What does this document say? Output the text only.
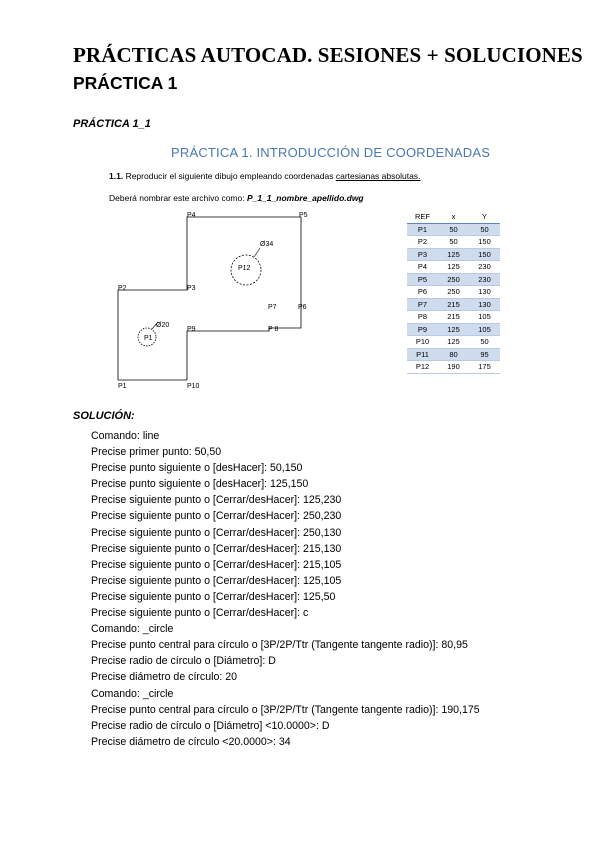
PRÁCTICAS AUTOCAD. SESIONES + SOLUCIONES
PRÁCTICA 1
PRÁCTICA 1_1
PRÁCTICA 1. INTRODUCCIÓN DE COORDENADAS
1.1. Reproducir el siguiente dibujo empleando coordenadas cartesianas absolutas.
Deberá nombrar este archivo como: P_1_1_nombre_apellido.dwg
P1
P2	P3
P4	P5
P6
P7
P 8
P9
P10
P1
P12
Ø20
Ø34
REF	x	Y
P1	50	50
P2	50	150
P3	125	150
P4	125	230
P5	250	230
P6	250	130
P7	215	130
P8	215	105
P9	125	105
P10	125	50
P11	80	95
P12	190	175
SOLUCIÓN:
Comando: line
Precise primer punto: 50,50
Precise punto siguiente o [desHacer]: 50,150
Precise punto siguiente o [desHacer]: 125,150
Precise siguiente punto o [Cerrar/desHacer]: 125,230
Precise siguiente punto o [Cerrar/desHacer]: 250,230
Precise siguiente punto o [Cerrar/desHacer]: 250,130
Precise siguiente punto o [Cerrar/desHacer]: 215,130
Precise siguiente punto o [Cerrar/desHacer]: 215,105
Precise siguiente punto o [Cerrar/desHacer]: 125,105
Precise siguiente punto o [Cerrar/desHacer]: 125,50
Precise siguiente punto o [Cerrar/desHacer]: c
Comando: _circle
Precise punto central para círculo o [3P/2P/Ttr (Tangente tangente radio)]: 80,95
Precise radio de círculo o [Diámetro]: D
Precise diámetro de círculo: 20
Comando: _circle
Precise punto central para círculo o [3P/2P/Ttr (Tangente tangente radio)]: 190,175
Precise radio de círculo o [Diámetro] <10.0000>: D
Precise diámetro de círculo <20.0000>: 34
